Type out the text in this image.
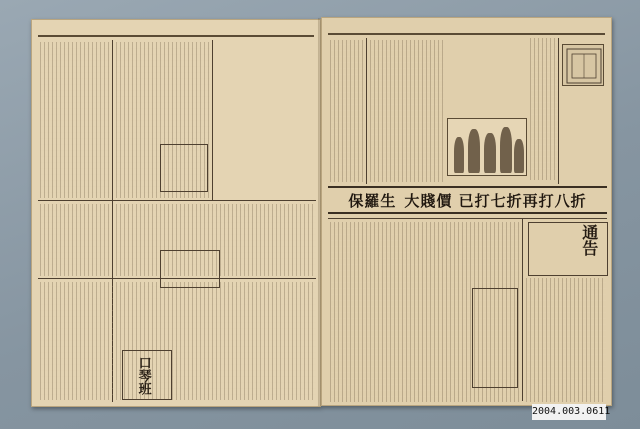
口琴班
保羅生 大賤價 已打七折再打八折
通告
2004.003.0611
